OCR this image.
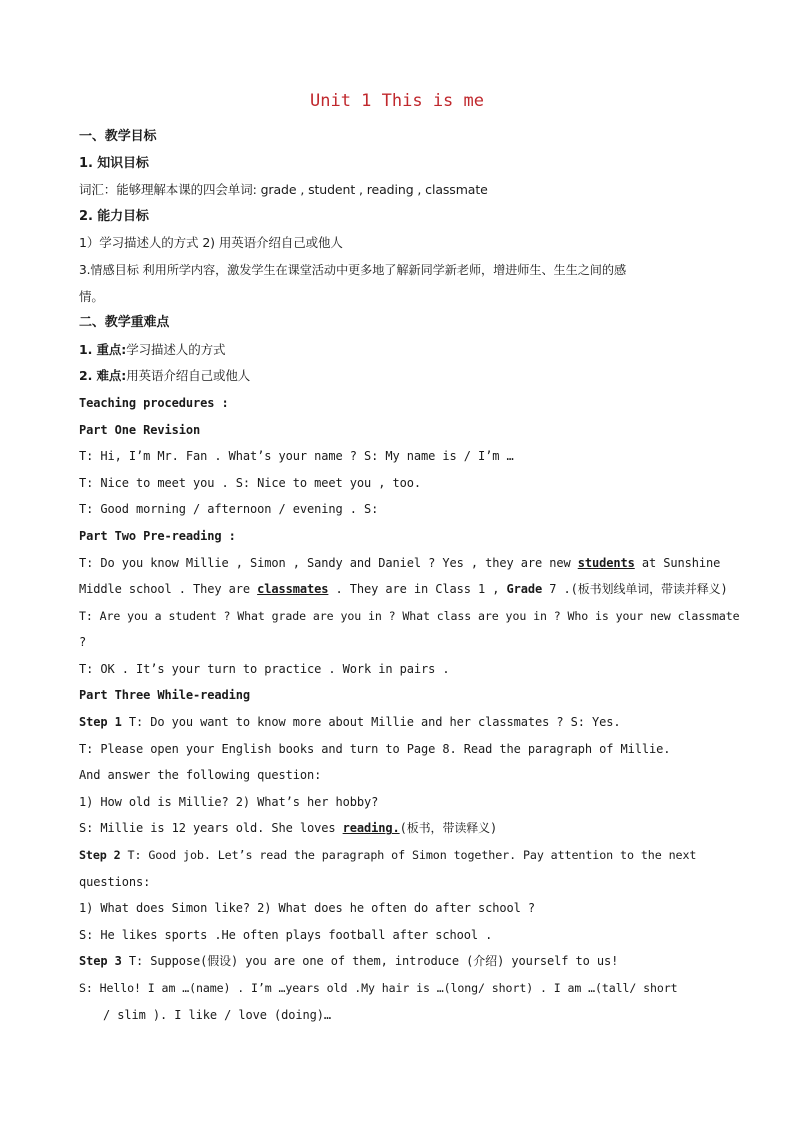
Unit 1 This is me
一、教学目标
1. 知识目标
词汇：能够理解本课的四会单词: grade , student , reading , classmate
2. 能力目标
1）学习描述人的方式 2) 用英语介绍自己或他人
3.情感目标 利用所学内容，激发学生在课堂活动中更多地了解新同学新老师，增进师生、生生之间的感
情。
二、教学重难点
1. 重点:学习描述人的方式
2. 难点:用英语介绍自己或他人
Teaching procedures :
Part One Revision
T: Hi, I’m Mr. Fan . What’s your name ? S: My name is / I’m …
T: Nice to meet you . S: Nice to meet you , too.
T: Good morning / afternoon / evening . S:
Part Two Pre-reading :
T: Do you know Millie , Simon , Sandy and Daniel ? Yes , they are new students at Sunshine
Middle school . They are classmates . They are in Class 1 , Grade 7 .(板书划线单词，带读并释义)
T: Are you a student ? What grade are you in ? What class are you in ? Who is your new classmate
?
T: OK . It’s your turn to practice . Work in pairs .
Part Three While-reading
Step 1 T: Do you want to know more about Millie and her classmates ? S: Yes.
T: Please open your English books and turn to Page 8. Read the paragraph of Millie.
And answer the following question:
1) How old is Millie? 2) What’s her hobby?
S: Millie is 12 years old. She loves reading.(板书，带读释义)
Step 2 T: Good job. Let’s read the paragraph of Simon together. Pay attention to the next
questions:
1) What does Simon like? 2) What does he often do after school ?
S: He likes sports .He often plays football after school .
Step 3 T: Suppose(假设) you are one of them, introduce (介绍) yourself to us!
S: Hello! I am …(name) . I’m …years old .My hair is …(long/ short) . I am …(tall/ short
/ slim ). I like / love (doing)…
